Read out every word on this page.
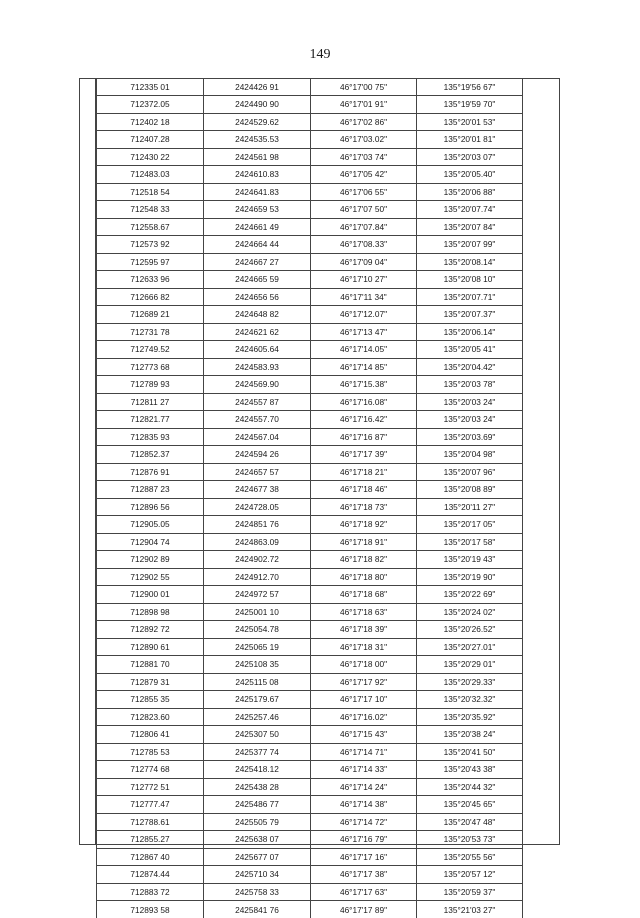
149
712335 01	2424426 91	46°17'00 75"	135°19'56 67"
712372.05	2424490 90	46°17'01 91"	135°19'59 70"
712402 18	2424529.62	46°17'02 86"	135°20'01 53"
712407.28	2424535.53	46°17'03.02"	135°20'01 81"
712430 22	2424561 98	46°17'03 74"	135°20'03 07"
712483.03	2424610.83	46°17'05 42"	135°20'05.40"
712518 54	2424641.83	46°17'06 55"	135°20'06 88"
712548 33	2424659 53	46°17'07 50"	135°20'07.74"
712558.67	2424661 49	46°17'07.84"	135°20'07 84"
712573 92	2424664 44	46°17'08.33"	135°20'07 99"
712595 97	2424667 27	46°17'09 04"	135°20'08.14"
712633 96	2424665 59	46°17'10 27"	135°20'08 10"
712666 82	2424656 56	46°17'11 34"	135°20'07.71"
712689 21	2424648 82	46°17'12.07"	135°20'07.37"
712731 78	2424621 62	46°17'13 47"	135°20'06.14"
712749.52	2424605.64	46°17'14.05"	135°20'05 41"
712773 68	2424583.93	46°17'14 85"	135°20'04.42"
712789 93	2424569.90	46°17'15.38"	135°20'03 78"
712811 27	2424557 87	46°17'16.08"	135°20'03 24"
712821.77	2424557.70	46°17'16.42"	135°20'03 24"
712835 93	2424567.04	46°17'16 87"	135°20'03.69"
712852.37	2424594 26	46°17'17 39"	135°20'04 98"
712876 91	2424657 57	46°17'18 21"	135°20'07 96"
712887 23	2424677 38	46°17'18 46"	135°20'08 89"
712896 56	2424728.05	46°17'18 73"	135°20'11 27"
712905.05	2424851 76	46°17'18 92"	135°20'17 05"
712904 74	2424863.09	46°17'18 91"	135°20'17 58"
712902 89	2424902.72	46°17'18 82"	135°20'19 43"
712902 55	2424912.70	46°17'18 80"	135°20'19 90"
712900 01	2424972 57	46°17'18 68"	135°20'22 69"
712898 98	2425001 10	46°17'18 63"	135°20'24 02"
712892 72	2425054.78	46°17'18 39"	135°20'26.52"
712890 61	2425065 19	46°17'18 31"	135°20'27.01"
712881 70	2425108 35	46°17'18 00"	135°20'29 01"
712879 31	2425115 08	46°17'17 92"	135°20'29.33"
712855 35	2425179.67	46°17'17 10"	135°20'32.32"
712823.60	2425257.46	46°17'16.02"	135°20'35.92"
712806 41	2425307 50	46°17'15 43"	135°20'38 24"
712785 53	2425377 74	46°17'14 71"	135°20'41 50"
712774 68	2425418.12	46°17'14 33"	135°20'43 38"
712772 51	2425438 28	46°17'14 24"	135°20'44 32"
712777.47	2425486 77	46°17'14 38"	135°20'45 65"
712788.61	2425505 79	46°17'14 72"	135°20'47 48"
712855.27	2425638 07	46°17'16 79"	135°20'53 73"
712867 40	2425677 07	46°17'17 16"	135°20'55 56"
712874.44	2425710 34	46°17'17 38"	135°20'57 12"
712883 72	2425758 33	46°17'17 63"	135°20'59 37"
712893 58	2425841 76	46°17'17 89"	135°21'03 27"
